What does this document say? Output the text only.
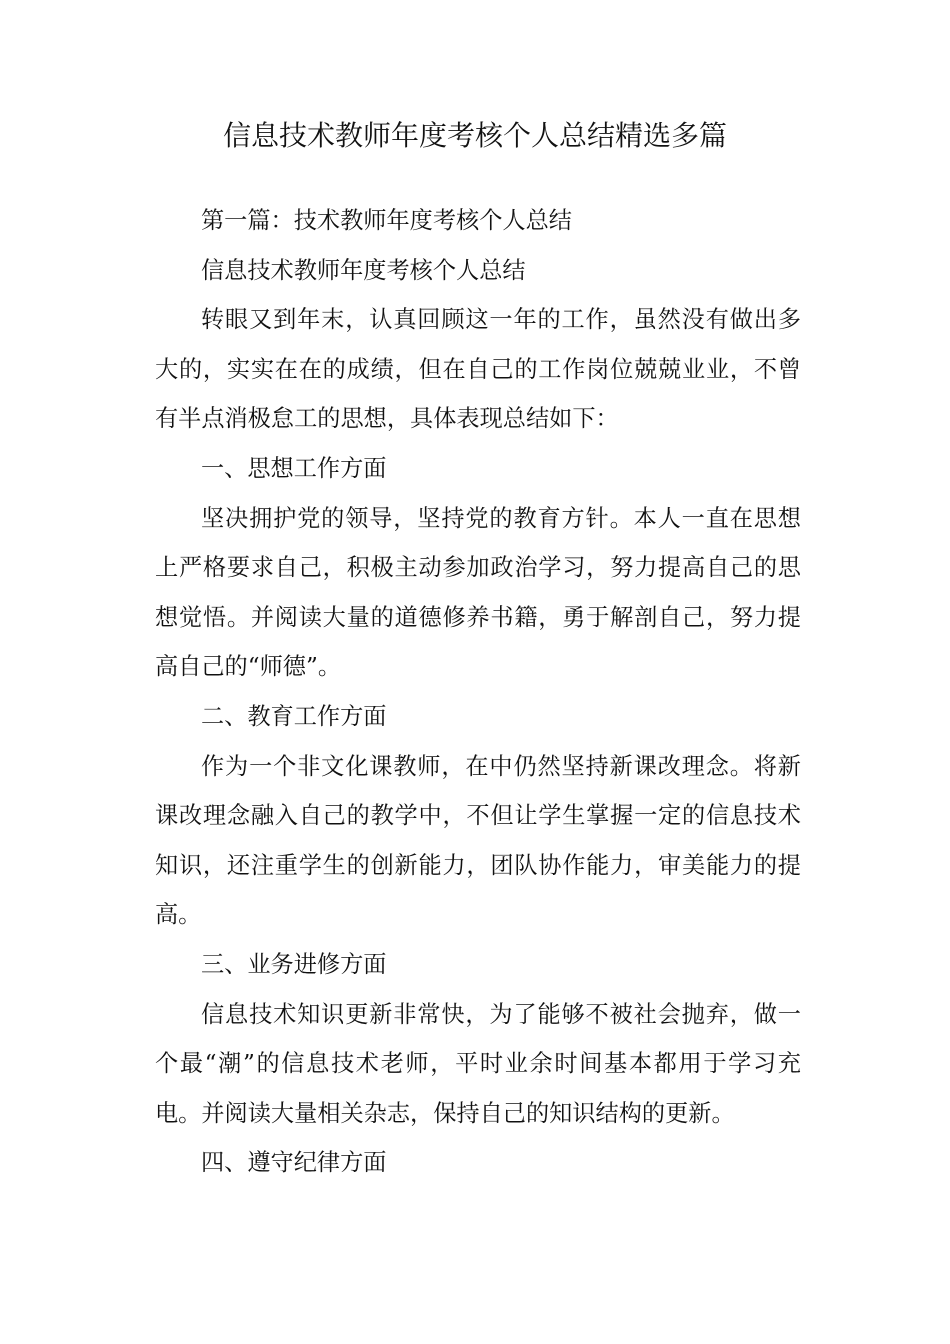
信息技术教师年度考核个人总结精选多篇

第一篇：技术教师年度考核个人总结

信息技术教师年度考核个人总结

转眼又到年末，认真回顾这一年的工作，虽然没有做出多大的，实实在在的成绩，但在自己的工作岗位兢兢业业，不曾有半点消极怠工的思想，具体表现总结如下：

一、思想工作方面

坚决拥护党的领导，坚持党的教育方针。本人一直在思想上严格要求自己，积极主动参加政治学习，努力提高自己的思想觉悟。并阅读大量的道德修养书籍，勇于解剖自己，努力提高自己的“师德”。

二、教育工作方面

作为一个非文化课教师，在中仍然坚持新课改理念。将新课改理念融入自己的教学中，不但让学生掌握一定的信息技术知识，还注重学生的创新能力，团队协作能力，审美能力的提高。

三、业务进修方面

信息技术知识更新非常快，为了能够不被社会抛弃，做一个最“潮”的信息技术老师，平时业余时间基本都用于学习充电。并阅读大量相关杂志，保持自己的知识结构的更新。

四、遵守纪律方面
